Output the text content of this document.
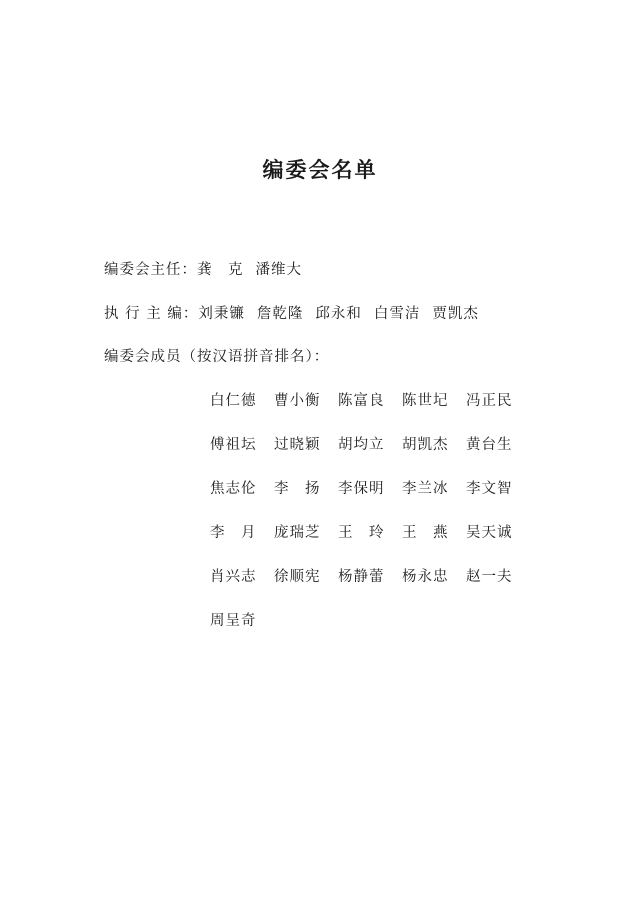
编委会名单
编委会主任：龚　克 潘维大
执 行 主 编：刘秉镰 詹乾隆 邱永和 白雪洁 贾凯杰
编委会成员（按汉语拼音排名）：
白仁德	曹小衡	陈富良	陈世圮	冯正民
傅祖坛	过晓颖	胡均立	胡凯杰	黄台生
焦志伦	李　扬	李保明	李兰冰	李文智
李　月	庞瑞芝	王　玲	王　燕	吴天诚
肖兴志	徐顺宪	杨静蕾	杨永忠	赵一夫
周呈奇
